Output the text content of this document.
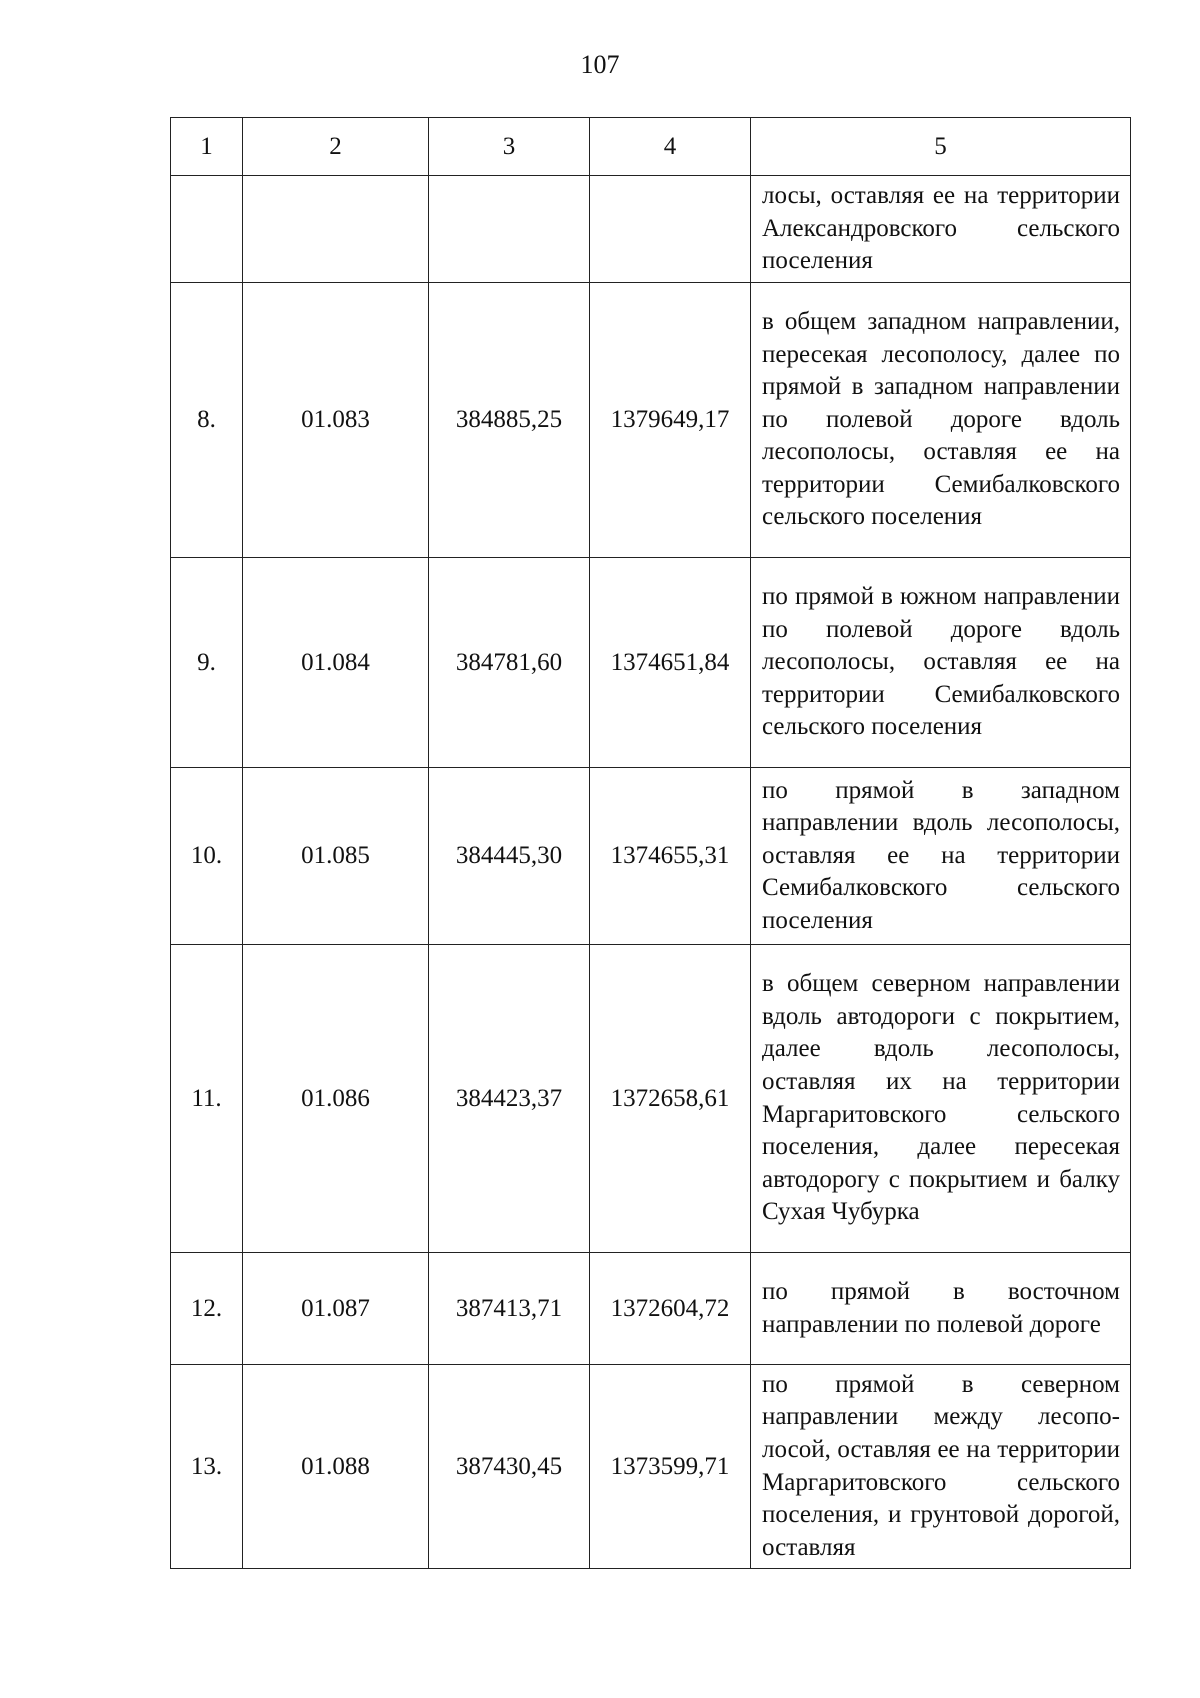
107
1	2	3	4	5
				лосы, оставляя ее на территории Александровского сельского поселения
8.	01.083	384885,25	1379649,17	в общем западном направлении, пересекая лесополосу, далее по прямой в западном направлении по полевой дороге вдоль лесополосы, оставляя ее на территории Семибалковского сельского поселения
9.	01.084	384781,60	1374651,84	по прямой в южном направлении по полевой дороге вдоль лесополосы, оставляя ее на территории Семибалковского сельского поселения
10.	01.085	384445,30	1374655,31	по прямой в западном направлении вдоль лесополосы, оставляя ее на территории Семибалковского сельского поселения
11.	01.086	384423,37	1372658,61	в общем северном направлении вдоль автодороги с покрытием, далее вдоль лесополосы, оставляя их на территории Маргаритовского сельского поселения, далее пересекая автодорогу с покрытием и балку Сухая Чубурка
12.	01.087	387413,71	1372604,72	по прямой в восточном направлении по полевой дороге
13.	01.088	387430,45	1373599,71	по прямой в северном направлении между лесополосой, оставляя ее на территории Маргаритовского сельского поселения, и грунтовой дорогой, оставляя
